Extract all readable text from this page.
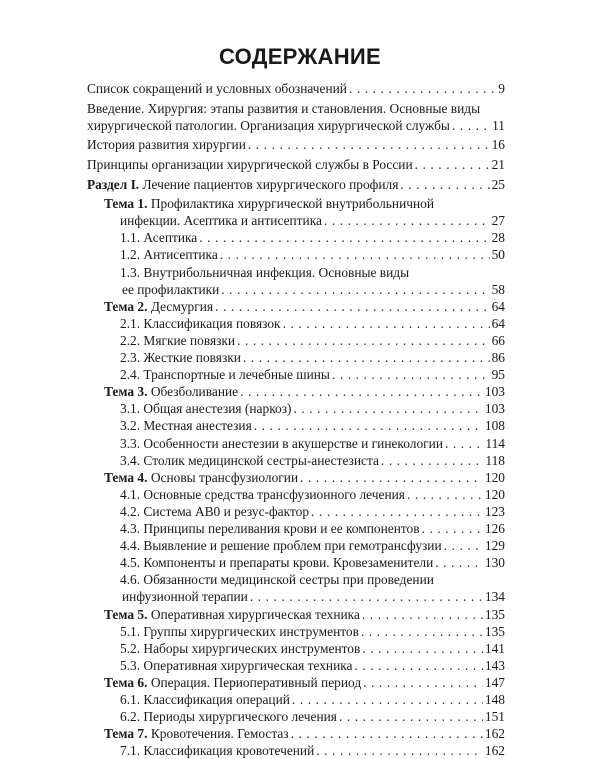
СОДЕРЖАНИЕ
Список сокращений и условных обозначений . . .	9
Введение. Хирургия: этапы развития и становления. Основные виды
хирургической патологии. Организация хирургической службы . . .	11
История развития хирургии . . .	16
Принципы организации хирургической службы в России . . .	21
Раздел I. Лечение пациентов хирургического профиля . . .	25
Тема 1. Профилактика хирургической внутрибольничной
инфекции. Асептика и антисептика . . .	27
1.1. Асептика . . .	28
1.2. Антисептика . . .	50
1.3. Внутрибольничная инфекция. Основные виды
ее профилактики . . .	58
Тема 2. Десмургия . . .	64
2.1. Классификация повязок . . .	64
2.2. Мягкие повязки . . .	66
2.3. Жесткие повязки . . .	86
2.4. Транспортные и лечебные шины . . .	95
Тема 3. Обезболивание . . .	103
3.1. Общая анестезия (наркоз) . . .	103
3.2. Местная анестезия . . .	108
3.3. Особенности анестезии в акушерстве и гинекологии . . .	114
3.4. Столик медицинской сестры-анестезиста . . .	118
Тема 4. Основы трансфузиологии . . .	120
4.1. Основные средства трансфузионного лечения . . .	120
4.2. Система АВ0 и резус-фактор . . .	123
4.3. Принципы переливания крови и ее компонентов . . .	126
4.4. Выявление и решение проблем при гемотрансфузии . . .	129
4.5. Компоненты и препараты крови. Кровезаменители . . .	130
4.6. Обязанности медицинской сестры при проведении
инфузионной терапии . . .	134
Тема 5. Оперативная хирургическая техника . . .	135
5.1. Группы хирургических инструментов . . .	135
5.2. Наборы хирургических инструментов . . .	141
5.3. Оперативная хирургическая техника . . .	143
Тема 6. Операция. Периоперативный период . . .	147
6.1. Классификация операций . . .	148
6.2. Периоды хирургического лечения . . .	151
Тема 7. Кровотечения. Гемостаз . . .	162
7.1. Классификация кровотечений . . .	162
